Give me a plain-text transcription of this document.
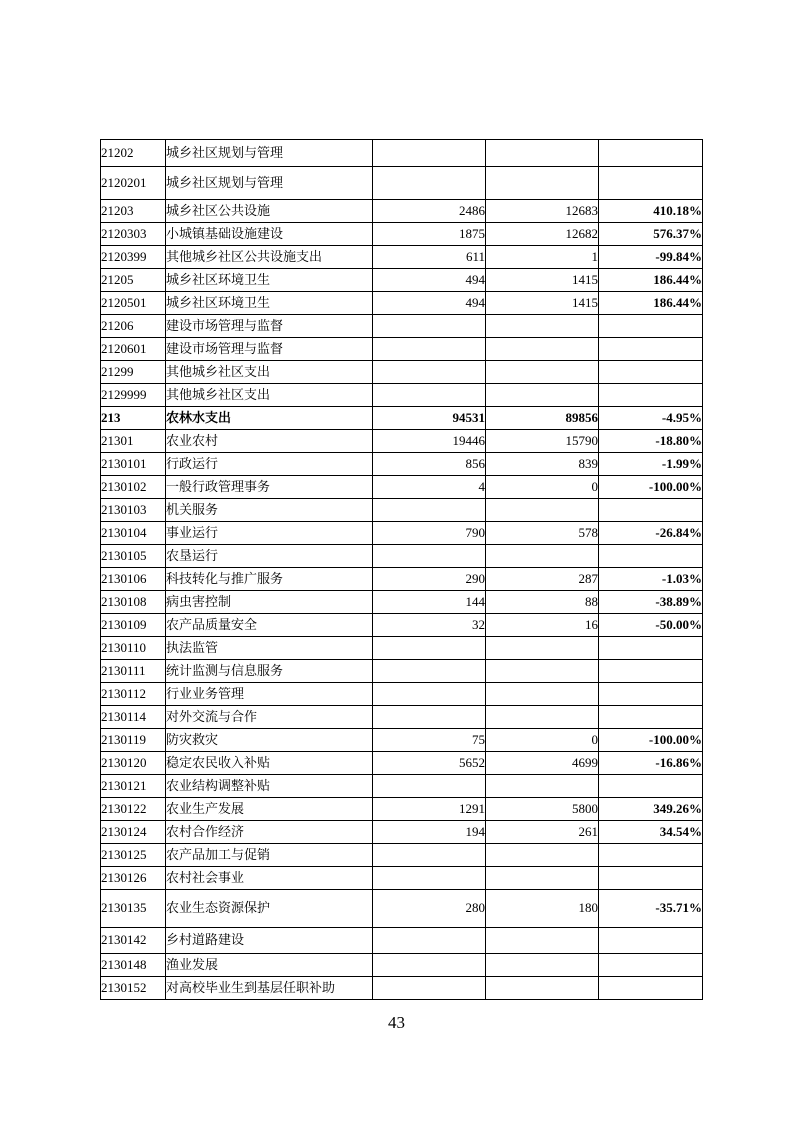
21202	城乡社区规划与管理			
2120201	城乡社区规划与管理			
21203	城乡社区公共设施	2486	12683	410.18%
2120303	小城镇基础设施建设	1875	12682	576.37%
2120399	其他城乡社区公共设施支出	611	1	-99.84%
21205	城乡社区环境卫生	494	1415	186.44%
2120501	城乡社区环境卫生	494	1415	186.44%
21206	建设市场管理与监督			
2120601	建设市场管理与监督			
21299	其他城乡社区支出			
2129999	其他城乡社区支出			
213	农林水支出	94531	89856	-4.95%
21301	农业农村	19446	15790	-18.80%
2130101	行政运行	856	839	-1.99%
2130102	一般行政管理事务	4	0	-100.00%
2130103	机关服务			
2130104	事业运行	790	578	-26.84%
2130105	农垦运行			
2130106	科技转化与推广服务	290	287	-1.03%
2130108	病虫害控制	144	88	-38.89%
2130109	农产品质量安全	32	16	-50.00%
2130110	执法监管			
2130111	统计监测与信息服务			
2130112	行业业务管理			
2130114	对外交流与合作			
2130119	防灾救灾	75	0	-100.00%
2130120	稳定农民收入补贴	5652	4699	-16.86%
2130121	农业结构调整补贴			
2130122	农业生产发展	1291	5800	349.26%
2130124	农村合作经济	194	261	34.54%
2130125	农产品加工与促销			
2130126	农村社会事业			
2130135	农业生态资源保护	280	180	-35.71%
2130142	乡村道路建设			
2130148	渔业发展			
2130152	对高校毕业生到基层任职补助			
43
